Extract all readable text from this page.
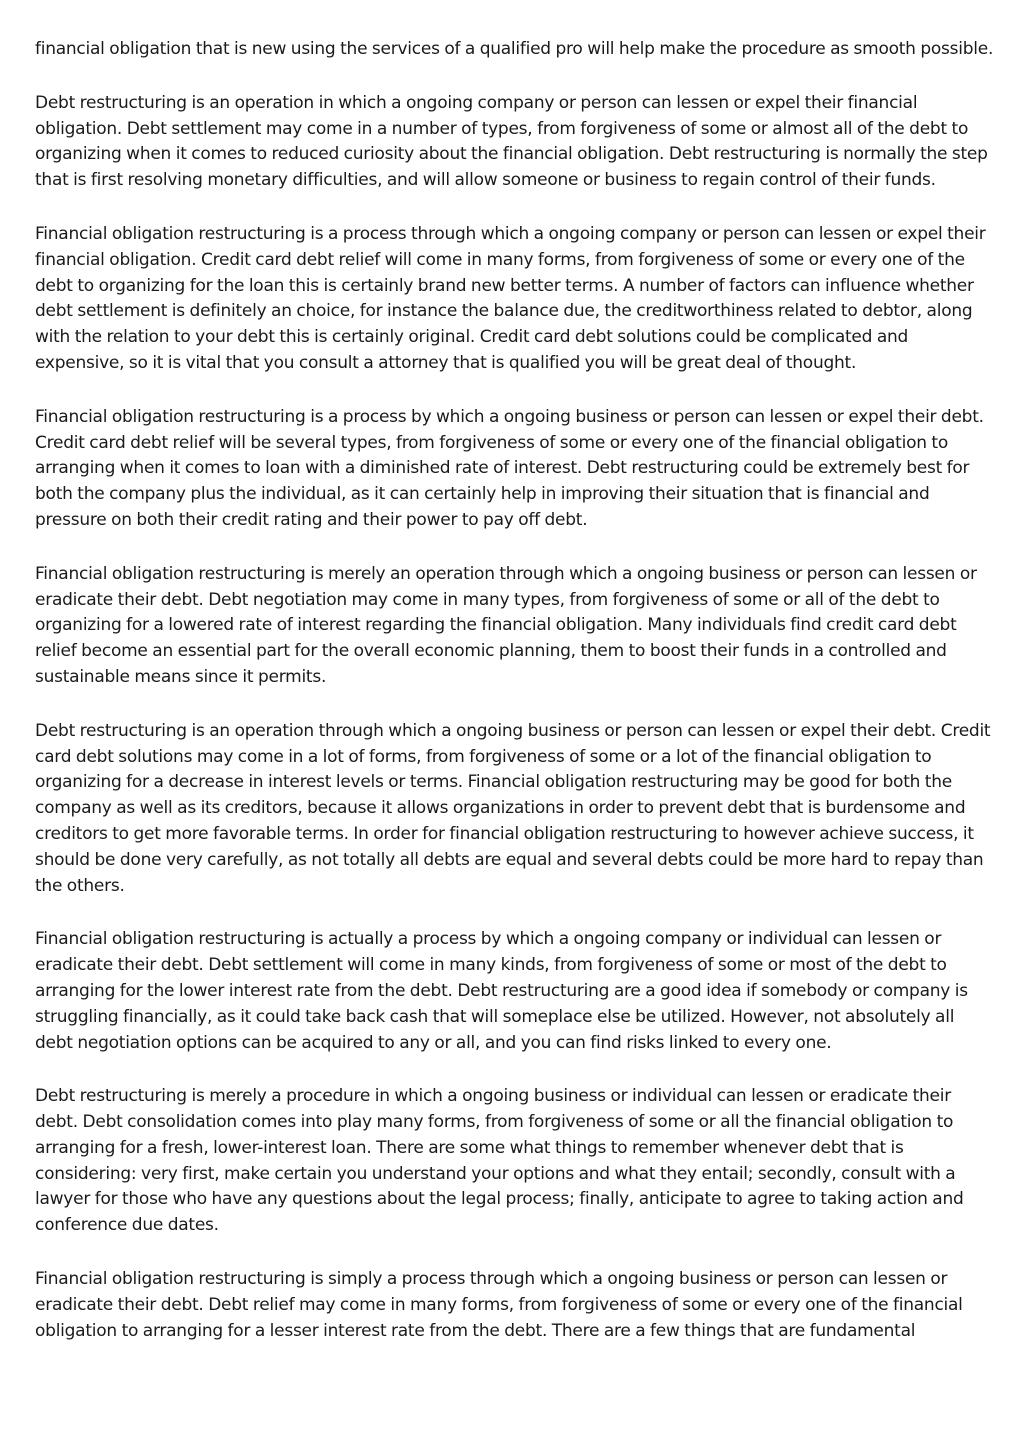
financial obligation that is new using the services of a qualified pro will help make the procedure as smooth possible.

Debt restructuring is an operation in which a ongoing company or person can lessen or expel their financial obligation. Debt settlement may come in a number of types, from forgiveness of some or almost all of the debt to organizing when it comes to reduced curiosity about the financial obligation. Debt restructuring is normally the step that is first resolving monetary difficulties, and will allow someone or business to regain control of their funds.

Financial obligation restructuring is a process through which a ongoing company or person can lessen or expel their financial obligation. Credit card debt relief will come in many forms, from forgiveness of some or every one of the debt to organizing for the loan this is certainly brand new better terms. A number of factors can influence whether debt settlement is definitely an choice, for instance the balance due, the creditworthiness related to debtor, along with the relation to your debt this is certainly original. Credit card debt solutions could be complicated and expensive, so it is vital that you consult a attorney that is qualified you will be great deal of thought.

Financial obligation restructuring is a process by which a ongoing business or person can lessen or expel their debt. Credit card debt relief will be several types, from forgiveness of some or every one of the financial obligation to arranging when it comes to loan with a diminished rate of interest. Debt restructuring could be extremely best for both the company plus the individual, as it can certainly help in improving their situation that is financial and pressure on both their credit rating and their power to pay off debt.

Financial obligation restructuring is merely an operation through which a ongoing business or person can lessen or eradicate their debt. Debt negotiation may come in many types, from forgiveness of some or all of the debt to organizing for a lowered rate of interest regarding the financial obligation. Many individuals find credit card debt relief become an essential part for the overall economic planning, them to boost their funds in a controlled and sustainable means since it permits.

Debt restructuring is an operation through which a ongoing business or person can lessen or expel their debt. Credit card debt solutions may come in a lot of forms, from forgiveness of some or a lot of the financial obligation to organizing for a decrease in interest levels or terms. Financial obligation restructuring may be good for both the company as well as its creditors, because it allows organizations in order to prevent debt that is burdensome and creditors to get more favorable terms. In order for financial obligation restructuring to however achieve success, it should be done very carefully, as not totally all debts are equal and several debts could be more hard to repay than the others.

Financial obligation restructuring is actually a process by which a ongoing company or individual can lessen or eradicate their debt. Debt settlement will come in many kinds, from forgiveness of some or most of the debt to arranging for the lower interest rate from the debt. Debt restructuring are a good idea if somebody or company is struggling financially, as it could take back cash that will someplace else be utilized. However, not absolutely all debt negotiation options can be acquired to any or all, and you can find risks linked to every one.

Debt restructuring is merely a procedure in which a ongoing business or individual can lessen or eradicate their debt. Debt consolidation comes into play many forms, from forgiveness of some or all the financial obligation to arranging for a fresh, lower-interest loan. There are some what things to remember whenever debt that is considering: very first, make certain you understand your options and what they entail; secondly, consult with a lawyer for those who have any questions about the legal process; finally, anticipate to agree to taking action and conference due dates.

Financial obligation restructuring is simply a process through which a ongoing business or person can lessen or eradicate their debt. Debt relief may come in many forms, from forgiveness of some or every one of the financial obligation to arranging for a lesser interest rate from the debt. There are a few things that are fundamental
